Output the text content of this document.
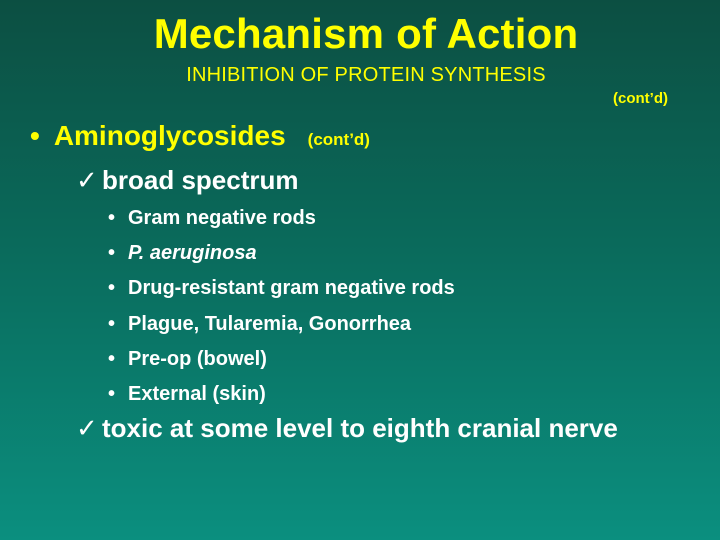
Mechanism of Action
INHIBITION OF PROTEIN SYNTHESIS
(cont’d)
• Aminoglycosides (cont’d)
✓ broad spectrum
• Gram negative rods
• P. aeruginosa
• Drug-resistant gram negative rods
• Plague, Tularemia, Gonorrhea
• Pre-op (bowel)
• External (skin)
✓ toxic at some level to eighth cranial nerve
